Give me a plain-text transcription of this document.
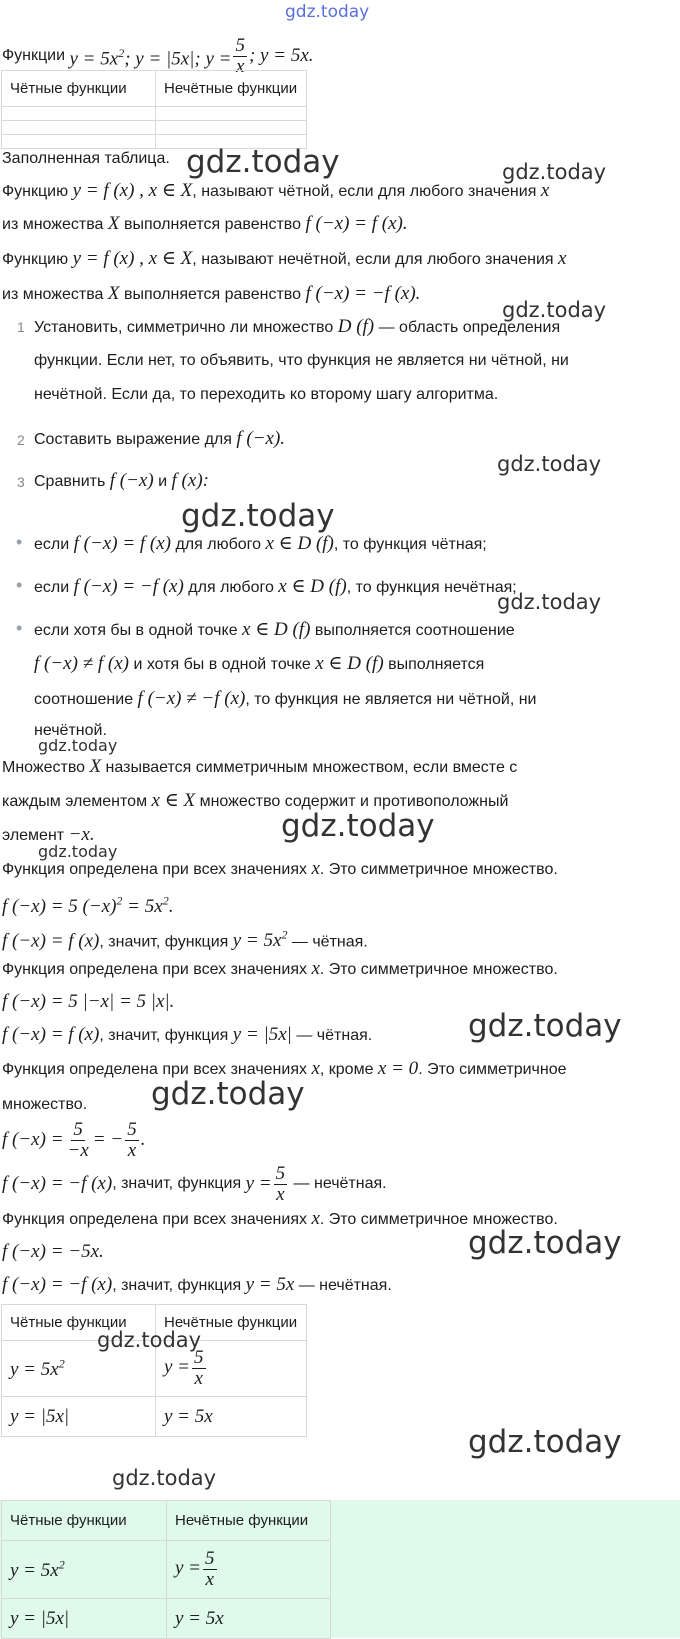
gdz.today
Функции
$y = 5x^2$; y = |5x|; $y = \frac{5}{x}$ ; y = 5x.
Чётные функции	Нечётные функции

Заполненная таблица. gdz.today	gdz.today
Функцию y = f (x) , x ∈ X, называют чётной, если для любого значения x
из множества X выполняется равенство f (−x) = f (x).
Функцию y = f (x) , x ∈ X, называют нечётной, если для любого значения x
из множества X выполняется равенство f (−x) = −f (x).
gdz.today
1 Установить, симметрично ли множество D (f) — область определения
функции. Если нет, то объявить, что функция не является ни чётной, ни
нечётной. Если да, то переходить ко второму шагу алгоритма.
2 Составить выражение для f (−x).
gdz.today
3 Сравнить f (−x) и f (x):
gdz.today
• если f (−x) = f (x) для любого x ∈ D (f), то функция чётная;
• если f (−x) = −f (x) для любого x ∈ D (f), то функция нечётная;
gdz.today
• если хотя бы в одной точке x ∈ D (f) выполняется соотношение
f (−x) ≠ f (x) и хотя бы в одной точке x ∈ D (f) выполняется
соотношение f (−x) ≠ −f (x), то функция не является ни чётной, ни
нечётной.
gdz.today
Множество X называется симметричным множеством, если вместе с
каждым элементом x ∈ X множество содержит и противоположный
элемент −x.	gdz.today
gdz.today
Функция определена при всех значениях x. Это симметричное множество.
f (−x) = 5 $(-x)^2 = 5x^2$.
f (−x) = f (x), значит, функция $y = 5x^2$ — чётная.
Функция определена при всех значениях x. Это симметричное множество.
f (−x) = 5 |−x| = 5 |x|.
f (−x) = f (x), значит, функция y = |5x| — чётная.	gdz.today
Функция определена при всех значениях x, кроме x = 0. Это симметричное
множество. gdz.today
f $(-x) = \frac{5}{-x}$ = − $\frac{5}{x}$ .
f (−x) = −f (x) , значит, функция
$y = \frac{5}{x}$
— нечётная.
Функция определена при всех значениях x. Это симметричное множество.
f (−x) = −5x.	gdz.today
f (−x) = −f (x), значит, функция y = 5x — нечётная.
Чётные функции	Нечётные функции
$y = 5x^2$	$y = \frac{5}{x}$

y = |5x|	y = 5x
gdz.today
Чётные функции	Нечётные функции
$y = 5x^2$	$y = \frac{5}{x}$

y = |5x|	y = 5x
gdz.today
gdz.today
